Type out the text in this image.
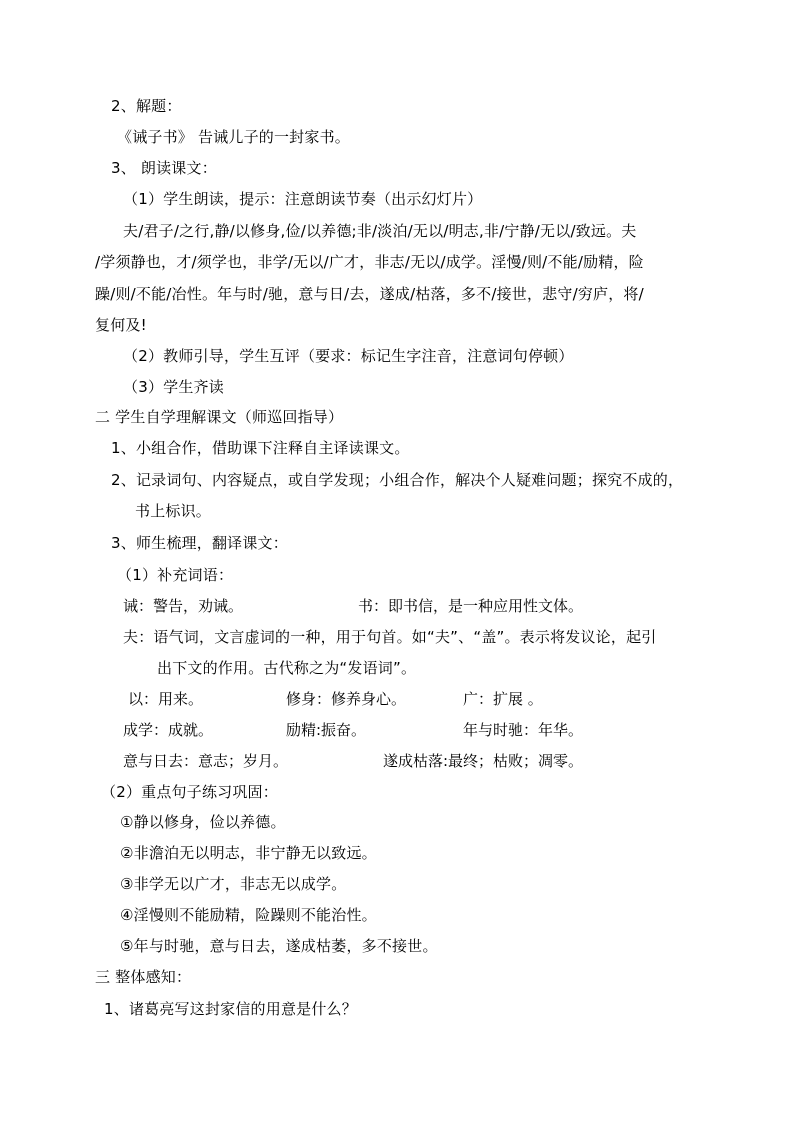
2、解题：
《诫子书》 告诫儿子的一封家书。
3、 朗读课文：
（1）学生朗读，提示：注意朗读节奏（出示幻灯片）
夫/君子/之行,静/以修身,俭/以养德;非/淡泊/无以/明志,非/宁静/无以/致远。夫
/学须静也，才/须学也，非学/无以/广才，非志/无以/成学。淫慢/则/不能/励精，险
躁/则/不能/冶性。年与时/驰，意与日/去，遂成/枯落，多不/接世，悲守/穷庐，将/
复何及!
（2）教师引导，学生互评（要求：标记生字注音，注意词句停顿）
（3）学生齐读
二 学生自学理解课文（师巡回指导）
1、小组合作，借助课下注释自主译读课文。
2、记录词句、内容疑点，或自学发现；小组合作，解决个人疑难问题；探究不成的，
书上标识。
3、师生梳理，翻译课文：
（1）补充词语：
诫：警告，劝诫。	书：即书信，是一种应用性文体。
夫：语气词，文言虚词的一种，用于句首。如“夫”、“盖”。表示将发议论，起引
出下文的作用。古代称之为“发语词”。
以：用来。	修身：修养身心。	广：扩展 。
成学：成就。	励精:振奋。	年与时驰：年华。
意与日去：意志；岁月。	遂成枯落:最终；枯败；凋零。
（2）重点句子练习巩固：
①静以修身，俭以养德。
②非澹泊无以明志，非宁静无以致远。
③非学无以广才，非志无以成学。
④淫慢则不能励精，险躁则不能治性。
⑤年与时驰，意与日去，遂成枯萎，多不接世。
三 整体感知：
1、诸葛亮写这封家信的用意是什么？
